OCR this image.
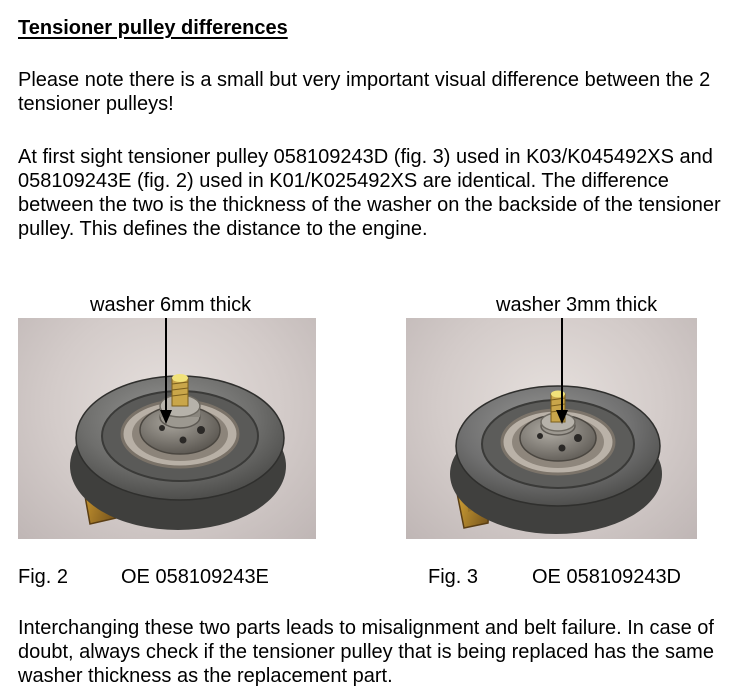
Tensioner pulley differences

Please note there is a small but very important visual difference between the 2 tensioner pulleys!

At first sight tensioner pulley 058109243D (fig. 3) used in K03/K045492XS and 058109243E (fig. 2) used in K01/K025492XS are identical. The difference between the two is the thickness of the washer on the backside of the tensioner pulley. This defines the distance to the engine.

washer 6mm thick	washer 3mm thick
Fig. 2	OE 058109243E	Fig. 3	OE 058109243D

Interchanging these two parts leads to misalignment and belt failure. In case of doubt, always check if the tensioner pulley that is being replaced has the same washer thickness as the replacement part.
